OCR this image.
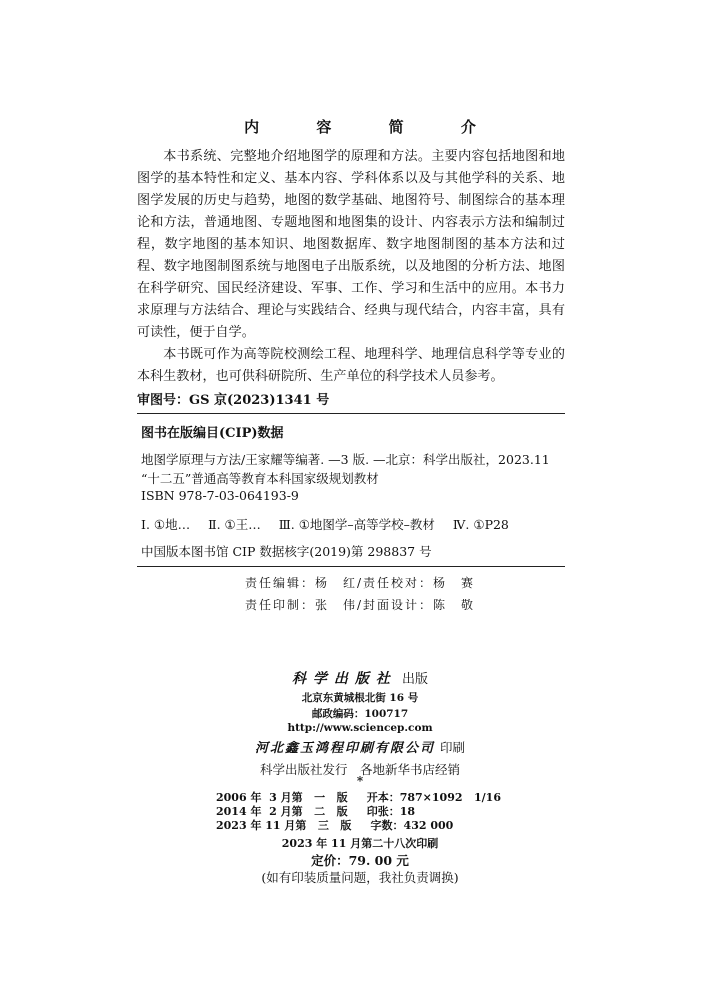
内 容 简 介

本书系统、完整地介绍地图学的原理和方法。主要内容包括地图和地图学的基本特性和定义、基本内容、学科体系以及与其他学科的关系、地图学发展的历史与趋势，地图的数学基础、地图符号、制图综合的基本理论和方法，普通地图、专题地图和地图集的设计、内容表示方法和编制过程，数字地图的基本知识、地图数据库、数字地图制图的基本方法和过程、数字地图制图系统与地图电子出版系统，以及地图的分析方法、地图在科学研究、国民经济建设、军事、工作、学习和生活中的应用。本书力求原理与方法结合、理论与实践结合、经典与现代结合，内容丰富，具有可读性，便于自学。

本书既可作为高等院校测绘工程、地理科学、地理信息科学等专业的本科生教材，也可供科研院所、生产单位的科学技术人员参考。

审图号：GS 京(2023)1341 号
图书在版编目(CIP)数据
地图学原理与方法/王家耀等编著. —3 版. —北京：科学出版社，2023.11
“十二五”普通高等教育本科国家级规划教材
ISBN 978-7-03-064193-9
Ⅰ. ①地… Ⅱ. ①王… Ⅲ. ①地图学–高等学校–教材 Ⅳ. ①P28
中国版本图书馆 CIP 数据核字(2019)第 298837 号
责任编辑：杨　红/责任校对：杨　赛
责任印制：张　伟/封面设计：陈　敬
科学出版社 出版
北京东黄城根北街 16 号
邮政编码：100717
http://www.sciencep.com
河北鑫玉鸿程印刷有限公司 印刷
科学出版社发行　各地新华书店经销
*
2006 年  3 月第   一   版     开本：787×1092   1/16
2014 年  2 月第   二   版     印张：18
2023 年 11 月第   三   版     字数：432 000
2023 年 11 月第二十八次印刷
定价：79. 00 元
(如有印装质量问题，我社负责调换)
